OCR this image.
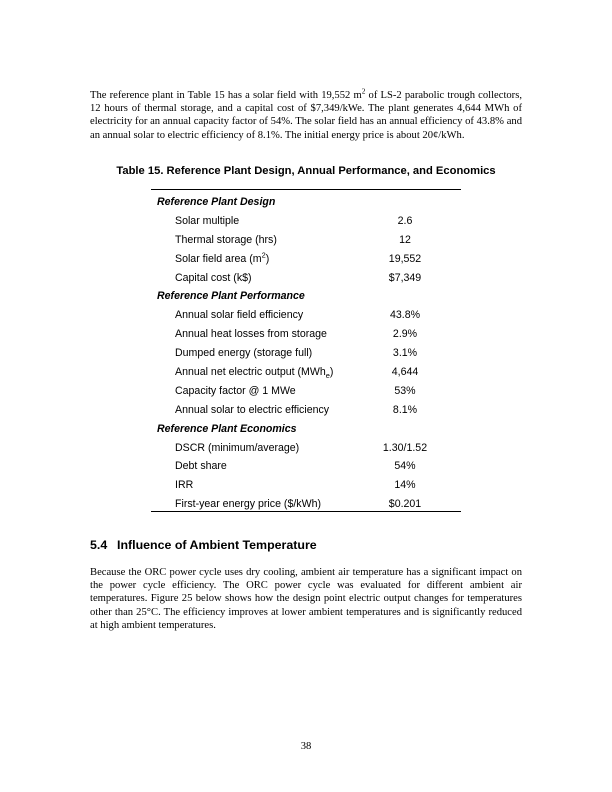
The reference plant in Table 15 has a solar field with 19,552 $m^2$ of LS-2 parabolic trough collectors, 12 hours of thermal storage, and a capital cost of $7,349/kWe. The plant generates 4,644 MWh of electricity for an annual capacity factor of 54%. The solar field has an annual efficiency of 43.8% and an annual solar to electric efficiency of 8.1%. The initial energy price is about 20¢/kWh.

Table 15. Reference Plant Design, Annual Performance, and Economics
Reference Plant Design
Solar multiple	2.6
Thermal storage (hrs)	12
Solar field area $(m^2)$	19,552
Capital cost (k$)	$7,349
Reference Plant Performance
Annual solar field efficiency	43.8%
Annual heat losses from storage	2.9%
Dumped energy (storage full)	3.1%
Annual net electric output (MWh$_e$)	4,644
Capacity factor @ 1 MWe	53%
Annual solar to electric efficiency	8.1%
Reference Plant Economics
DSCR (minimum/average)	1.30/1.52
Debt share	54%
IRR	14%
First-year energy price ($/kWh)	$0.201
5.4 Influence of Ambient Temperature

Because the ORC power cycle uses dry cooling, ambient air temperature has a significant impact on the power cycle efficiency. The ORC power cycle was evaluated for different ambient air temperatures. Figure 25 below shows how the design point electric output changes for temperatures other than 25°C. The efficiency improves at lower ambient temperatures and is significantly reduced at high ambient temperatures.

38
